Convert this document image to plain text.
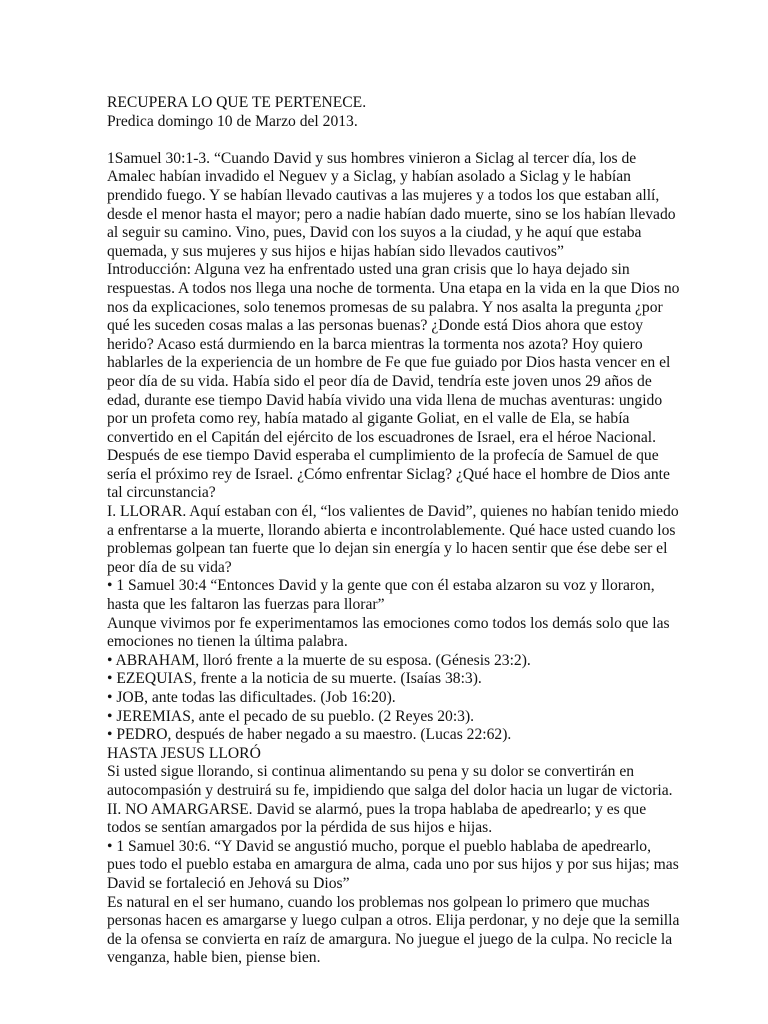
RECUPERA LO QUE TE PERTENECE.
Predica domingo 10 de Marzo del 2013.
1Samuel 30:1-3. “Cuando David y sus hombres vinieron a Siclag al tercer día, los de
Amalec habían invadido el Neguev y a Siclag, y habían asolado a Siclag y le habían
prendido fuego. Y se habían llevado cautivas a las mujeres y a todos los que estaban allí,
desde el menor hasta el mayor; pero a nadie habían dado muerte, sino se los habían llevado
al seguir su camino. Vino, pues, David con los suyos a la ciudad, y he aquí que estaba
quemada, y sus mujeres y sus hijos e hijas habían sido llevados cautivos”
Introducción: Alguna vez ha enfrentado usted una gran crisis que lo haya dejado sin
respuestas. A todos nos llega una noche de tormenta. Una etapa en la vida en la que Dios no
nos da explicaciones, solo tenemos promesas de su palabra. Y nos asalta la pregunta ¿por
qué les suceden cosas malas a las personas buenas? ¿Donde está Dios ahora que estoy
herido? Acaso está durmiendo en la barca mientras la tormenta nos azota? Hoy quiero
hablarles de la experiencia de un hombre de Fe que fue guiado por Dios hasta vencer en el
peor día de su vida. Había sido el peor día de David, tendría este joven unos 29 años de
edad, durante ese tiempo David había vivido una vida llena de muchas aventuras: ungido
por un profeta como rey, había matado al gigante Goliat, en el valle de Ela, se había
convertido en el Capitán del ejército de los escuadrones de Israel, era el héroe Nacional.
Después de ese tiempo David esperaba el cumplimiento de la profecía de Samuel de que
sería el próximo rey de Israel. ¿Cómo enfrentar Siclag? ¿Qué hace el hombre de Dios ante
tal circunstancia?
I. LLORAR. Aquí estaban con él, “los valientes de David”, quienes no habían tenido miedo
a enfrentarse a la muerte, llorando abierta e incontrolablemente. Qué hace usted cuando los
problemas golpean tan fuerte que lo dejan sin energía y lo hacen sentir que ése debe ser el
peor día de su vida?
• 1 Samuel 30:4 “Entonces David y la gente que con él estaba alzaron su voz y lloraron,
hasta que les faltaron las fuerzas para llorar”
Aunque vivimos por fe experimentamos las emociones como todos los demás solo que las
emociones no tienen la última palabra.
• ABRAHAM, lloró frente a la muerte de su esposa. (Génesis 23:2).
• EZEQUIAS, frente a la noticia de su muerte. (Isaías 38:3).
• JOB, ante todas las dificultades. (Job 16:20).
• JEREMIAS, ante el pecado de su pueblo. (2 Reyes 20:3).
• PEDRO, después de haber negado a su maestro. (Lucas 22:62).
HASTA JESUS LLORÓ
Si usted sigue llorando, si continua alimentando su pena y su dolor se convertirán en
autocompasión y destruirá su fe, impidiendo que salga del dolor hacia un lugar de victoria.
II. NO AMARGARSE. David se alarmó, pues la tropa hablaba de apedrearlo; y es que
todos se sentían amargados por la pérdida de sus hijos e hijas.
• 1 Samuel 30:6. “Y David se angustió mucho, porque el pueblo hablaba de apedrearlo,
pues todo el pueblo estaba en amargura de alma, cada uno por sus hijos y por sus hijas; mas
David se fortaleció en Jehová su Dios”
Es natural en el ser humano, cuando los problemas nos golpean lo primero que muchas
personas hacen es amargarse y luego culpan a otros. Elija perdonar, y no deje que la semilla
de la ofensa se convierta en raíz de amargura. No juegue el juego de la culpa. No recicle la
venganza, hable bien, piense bien.
